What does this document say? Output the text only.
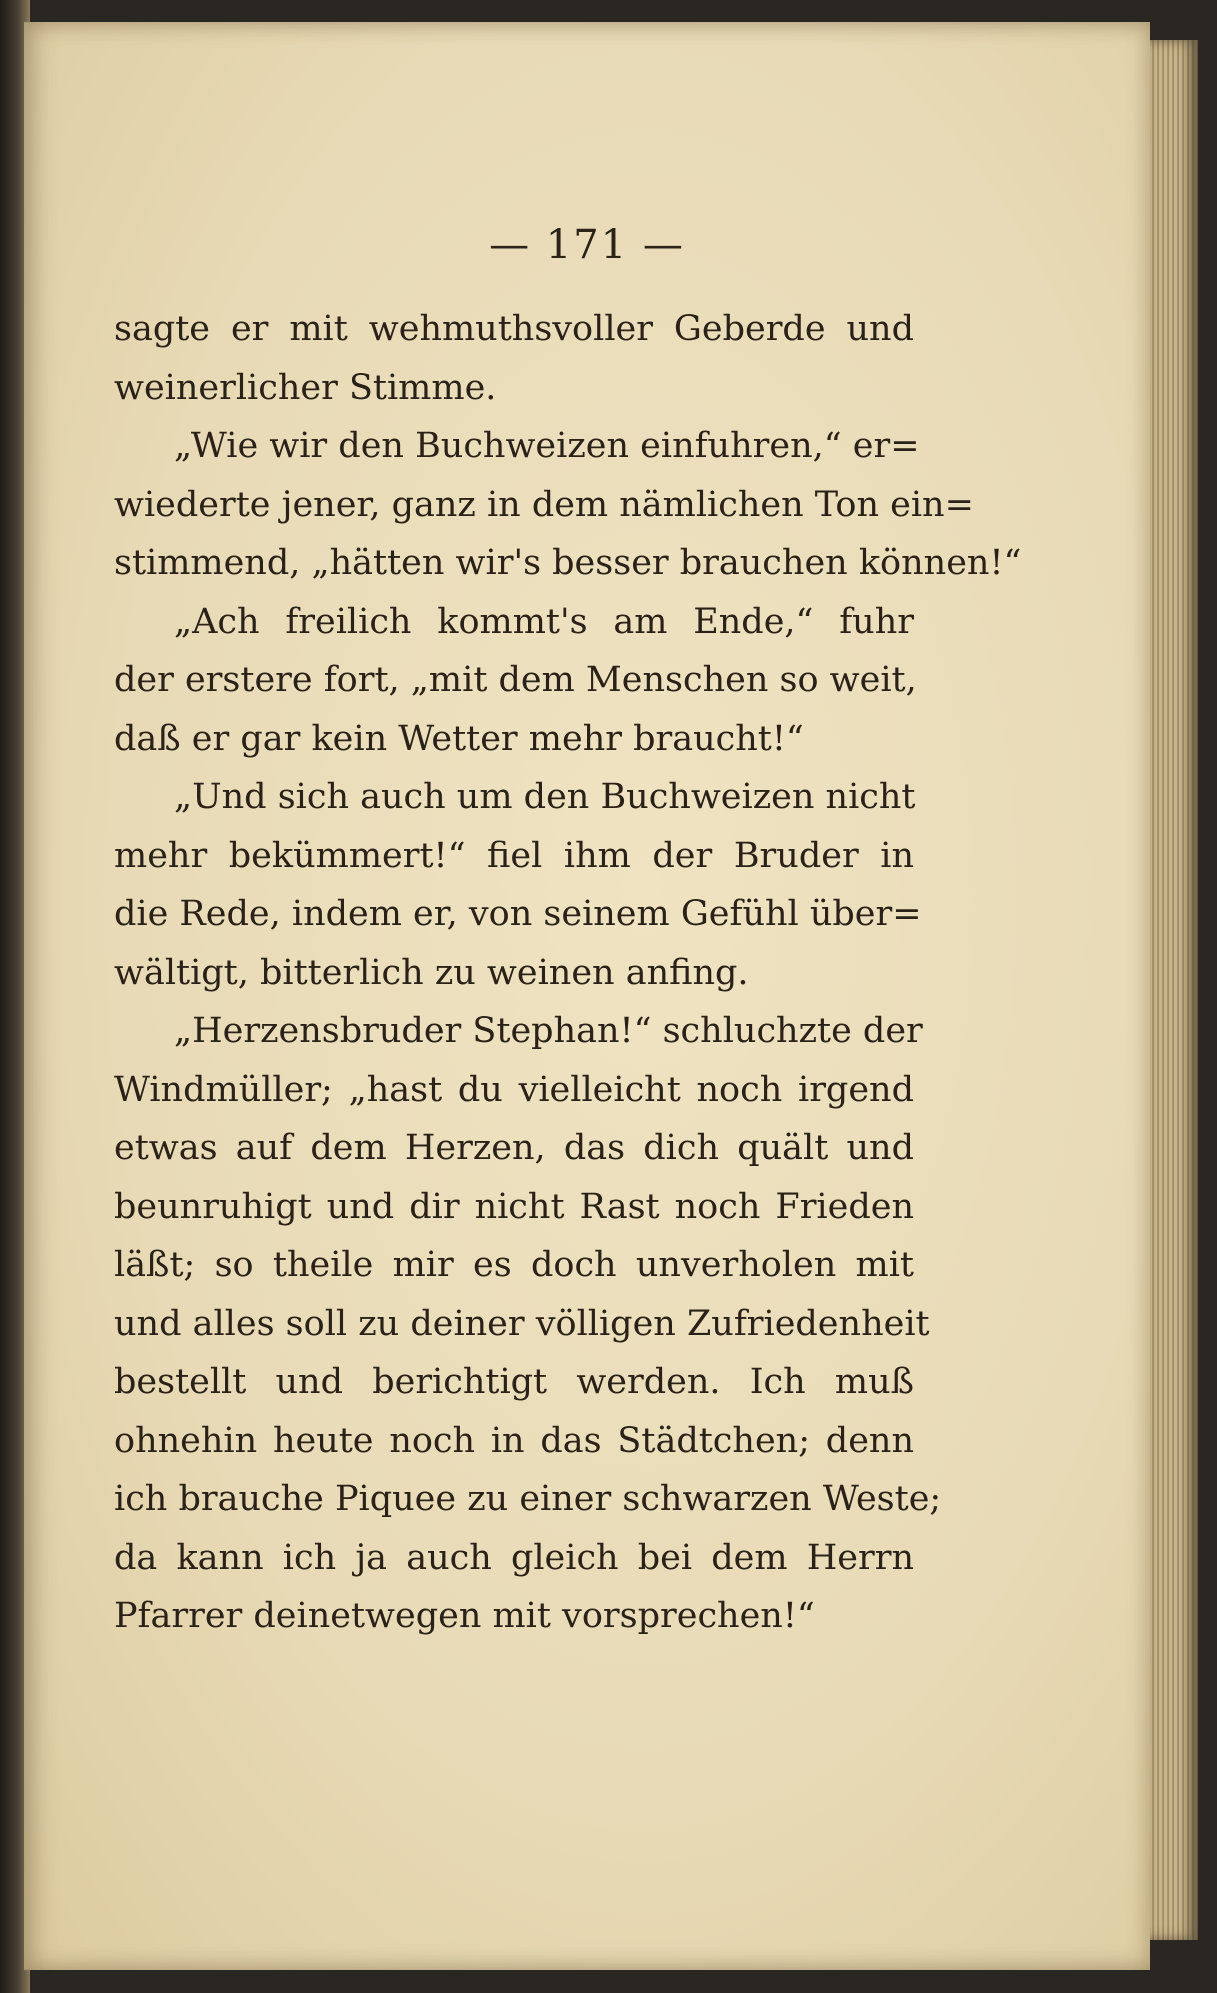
— 171 —
sagte er mit wehmuthsvoller Geberde und
weinerlicher Stimme.
„Wie wir den Buchweizen einfuhren,“ er=
wiederte jener, ganz in dem nämlichen Ton ein=
stimmend, „hätten wir's besser brauchen können!“
„Ach freilich kommt's am Ende,“ fuhr
der erstere fort, „mit dem Menschen so weit,
daß er gar kein Wetter mehr braucht!“
„Und sich auch um den Buchweizen nicht
mehr bekümmert!“ fiel ihm der Bruder in
die Rede, indem er, von seinem Gefühl über=
wältigt, bitterlich zu weinen anfing.
„Herzensbruder Stephan!“ schluchzte der
Windmüller; „hast du vielleicht noch irgend
etwas auf dem Herzen, das dich quält und
beunruhigt und dir nicht Rast noch Frieden
läßt; so theile mir es doch unverholen mit
und alles soll zu deiner völligen Zufriedenheit
bestellt und berichtigt werden. Ich muß
ohnehin heute noch in das Städtchen; denn
ich brauche Piquee zu einer schwarzen Weste;
da kann ich ja auch gleich bei dem Herrn
Pfarrer deinetwegen mit vorsprechen!“
